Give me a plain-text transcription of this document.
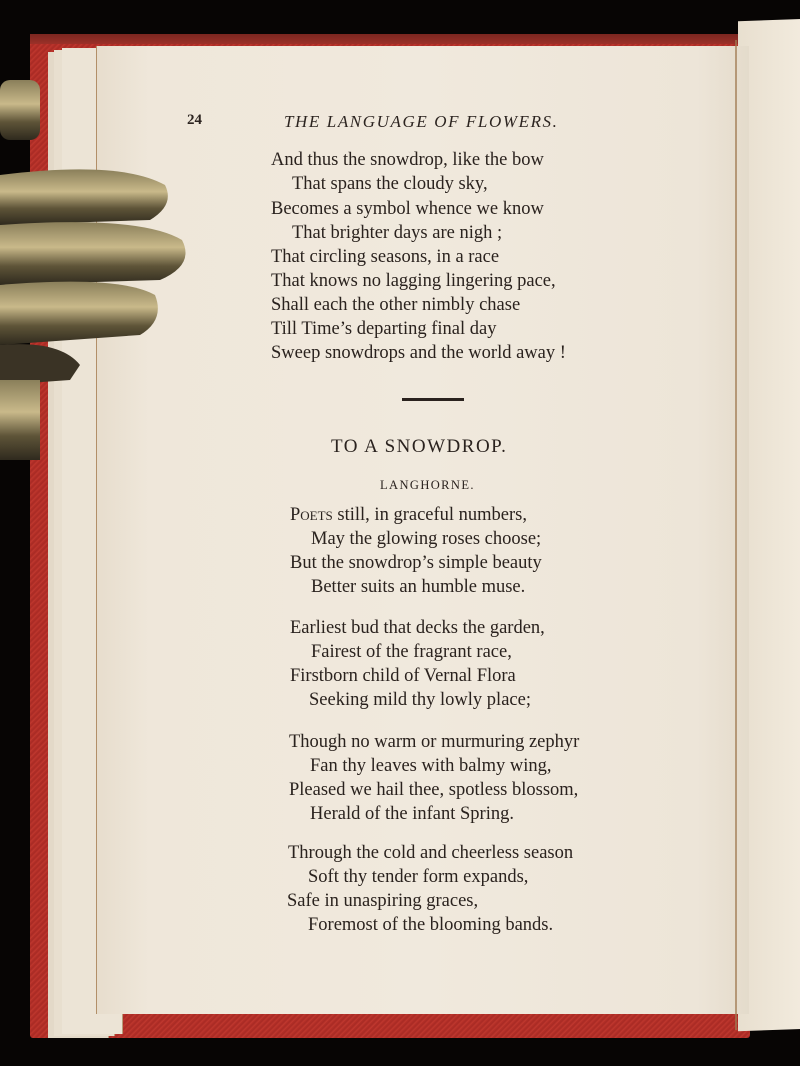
24	THE LANGUAGE OF FLOWERS.
And thus the snowdrop, like the bow
That spans the cloudy sky,
Becomes a symbol whence we know
That brighter days are nigh ;
That circling seasons, in a race
That knows no lagging lingering pace,
Shall each the other nimbly chase
Till Time’s departing final day
Sweep snowdrops and the world away !
TO A SNOWDROP.
LANGHORNE.
Poets still, in graceful numbers,
May the glowing roses choose;
But the snowdrop’s simple beauty
Better suits an humble muse.
Earliest bud that decks the garden,
Fairest of the fragrant race,
Firstborn child of Vernal Flora
Seeking mild thy lowly place;
Though no warm or murmuring zephyr
Fan thy leaves with balmy wing,
Pleased we hail thee, spotless blossom,
Herald of the infant Spring.
Through the cold and cheerless season
Soft thy tender form expands,
Safe in unaspiring graces,
Foremost of the blooming bands.
